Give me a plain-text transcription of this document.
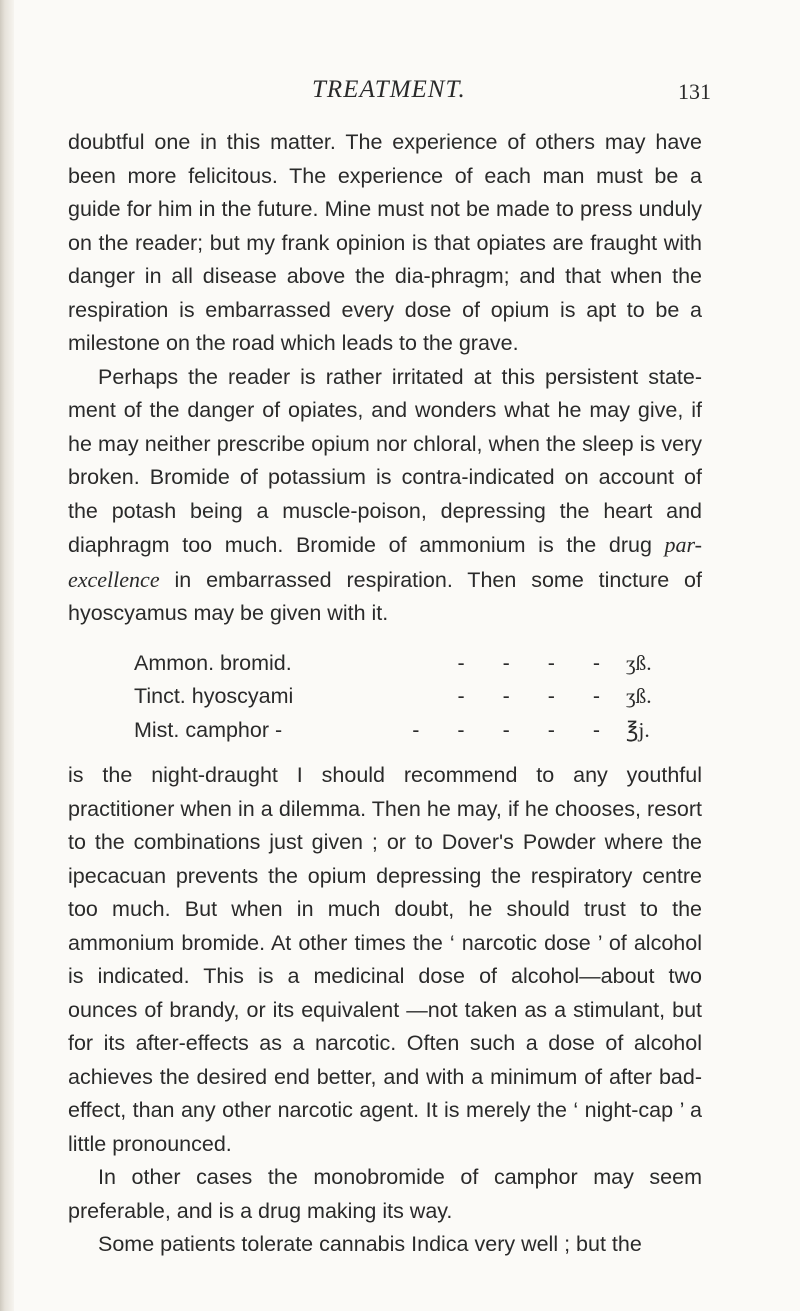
TREATMENT.	131

doubtful one in this matter. The experience of others may have been more felicitous. The experience of each man must be a guide for him in the future. Mine must not be made to press unduly on the reader; but my frank opinion is that opiates are fraught with danger in all disease above the dia-phragm; and that when the respiration is embarrassed every dose of opium is apt to be a milestone on the road which leads to the grave.

Perhaps the reader is rather irritated at this persistent state-ment of the danger of opiates, and wonders what he may give, if he may neither prescribe opium nor chloral, when the sleep is very broken. Bromide of potassium is contra-indicated on account of the potash being a muscle-poison, depressing the heart and diaphragm too much. Bromide of ammonium is the drug par-excellence in embarrassed respiration. Then some tincture of hyoscyamus may be given with it.

Ammon. bromid.	- - - - ʒß.
Tinct. hyoscyami	- - - - ʒß.
Mist. camphor -	- - - - - ℥j.

is the night-draught I should recommend to any youthful practitioner when in a dilemma. Then he may, if he chooses, resort to the combinations just given ; or to Dover's Powder where the ipecacuan prevents the opium depressing the respiratory centre too much. But when in much doubt, he should trust to the ammonium bromide. At other times the ‘ narcotic dose ’ of alcohol is indicated. This is a medicinal dose of alcohol—about two ounces of brandy, or its equivalent —not taken as a stimulant, but for its after-effects as a narcotic. Often such a dose of alcohol achieves the desired end better, and with a minimum of after bad-effect, than any other narcotic agent. It is merely the ‘ night-cap ’ a little pronounced.

In other cases the monobromide of camphor may seem preferable, and is a drug making its way.

Some patients tolerate cannabis Indica very well ; but the
